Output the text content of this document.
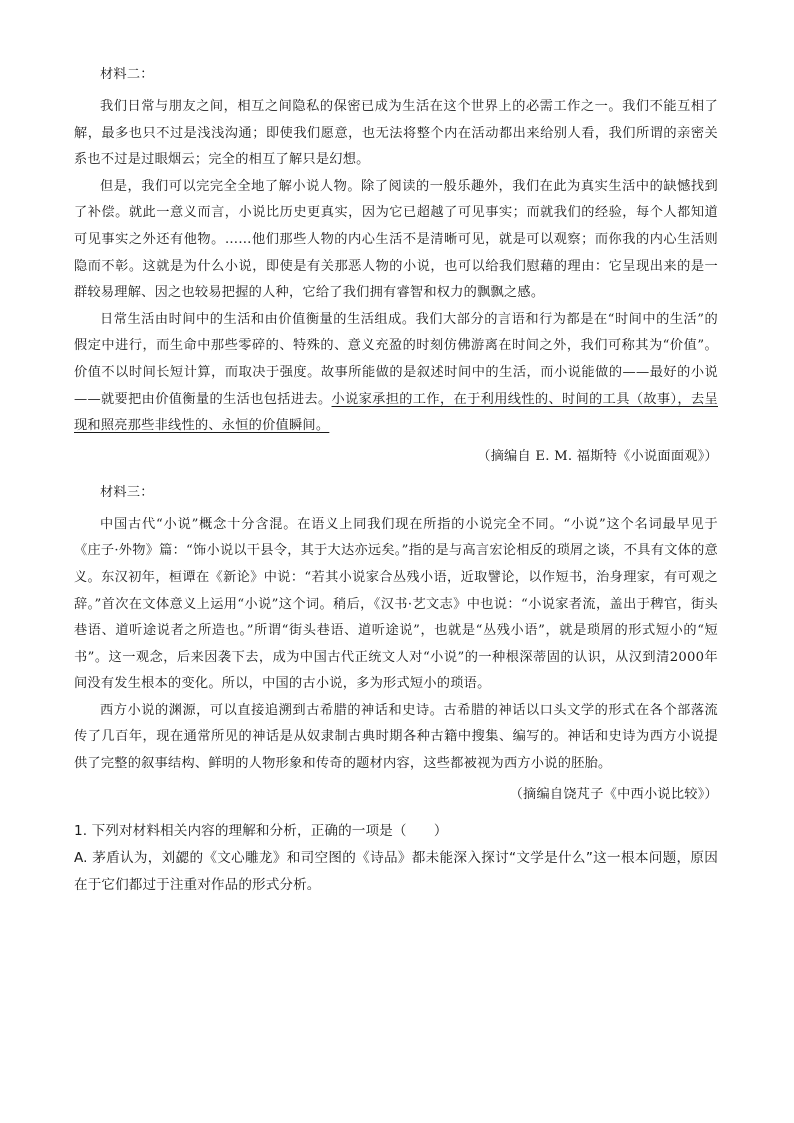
材料二：

我们日常与朋友之间，相互之间隐私的保密已成为生活在这个世界上的必需工作之一。我们不能互相了解，最多也只不过是浅浅沟通；即使我们愿意，也无法将整个内在活动都出来给别人看，我们所谓的亲密关系也不过是过眼烟云；完全的相互了解只是幻想。

但是，我们可以完完全全地了解小说人物。除了阅读的一般乐趣外，我们在此为真实生活中的缺憾找到了补偿。就此一意义而言，小说比历史更真实，因为它已超越了可见事实；而就我们的经验，每个人都知道可见事实之外还有他物。……他们那些人物的内心生活不是清晰可见，就是可以观察；而你我的内心生活则隐而不彰。这就是为什么小说，即使是有关那恶人物的小说，也可以给我们慰藉的理由：它呈现出来的是一群较易理解、因之也较易把握的人种，它给了我们拥有睿智和权力的飘飘之感。

日常生活由时间中的生活和由价值衡量的生活组成。我们大部分的言语和行为都是在“时间中的生活”的假定中进行，而生命中那些零碎的、特殊的、意义充盈的时刻仿佛游离在时间之外，我们可称其为“价值”。价值不以时间长短计算，而取决于强度。故事所能做的是叙述时间中的生活，而小说能做的——最好的小说——就要把由价值衡量的生活也包括进去。小说家承担的工作，在于利用线性的、时间的工具（故事），去呈现和照亮那些非线性的、永恒的价值瞬间。

（摘编自 E. M. 福斯特《小说面面观》）

材料三：

中国古代“小说”概念十分含混。在语义上同我们现在所指的小说完全不同。“小说”这个名词最早见于《庄子·外物》篇：“饰小说以干县令，其于大达亦远矣。”指的是与高言宏论相反的琐屑之谈，不具有文体的意义。东汉初年，桓谭在《新论》中说：“若其小说家合丛残小语，近取譬论，以作短书，治身理家，有可观之辞。”首次在文体意义上运用“小说”这个词。稍后，《汉书·艺文志》中也说：“小说家者流，盖出于稗官，街头巷语、道听途说者之所造也。”所谓“街头巷语、道听途说”，也就是“丛残小语”，就是琐屑的形式短小的“短书”。这一观念，后来因袭下去，成为中国古代正统文人对“小说”的一种根深蒂固的认识，从汉到清2000年间没有发生根本的变化。所以，中国的古小说，多为形式短小的琐语。

西方小说的渊源，可以直接追溯到古希腊的神话和史诗。古希腊的神话以口头文学的形式在各个部落流传了几百年，现在通常所见的神话是从奴隶制古典时期各种古籍中搜集、编写的。神话和史诗为西方小说提供了完整的叙事结构、鲜明的人物形象和传奇的题材内容，这些都被视为西方小说的胚胎。

（摘编自饶芃子《中西小说比较》）

1. 下列对材料相关内容的理解和分析，正确的一项是（　　）

A. 茅盾认为，刘勰的《文心雕龙》和司空图的《诗品》都未能深入探讨“文学是什么”这一根本问题，原因在于它们都过于注重对作品的形式分析。
